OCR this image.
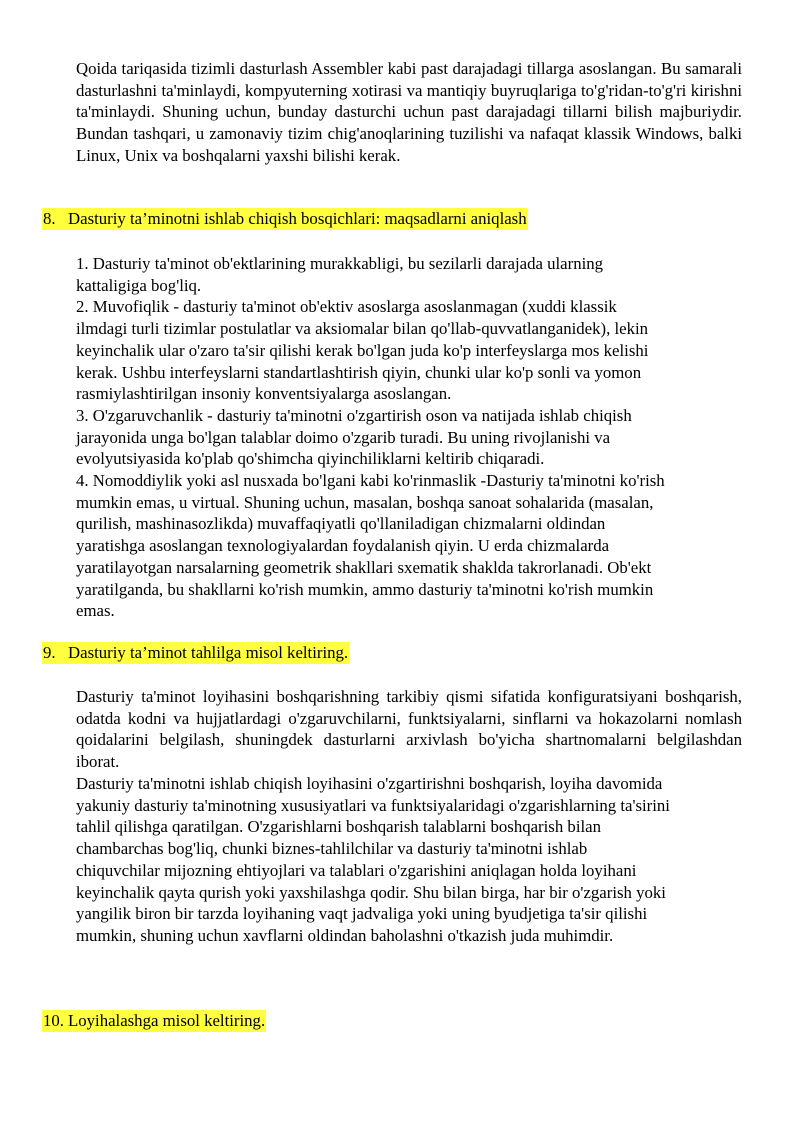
Qoida tariqasida tizimli dasturlash Assembler kabi past darajadagi tillarga asoslangan. Bu samarali dasturlashni ta'minlaydi, kompyuterning xotirasi va mantiqiy buyruqlariga to'g'ridan-to'g'ri kirishni ta'minlaydi. Shuning uchun, bunday dasturchi uchun past darajadagi tillarni bilish majburiydir. Bundan tashqari, u zamonaviy tizim chig'anoqlarining tuzilishi va nafaqat klassik Windows, balki Linux, Unix va boshqalarni yaxshi bilishi kerak.

8. Dasturiy ta’minotni ishlab chiqish bosqichlari: maqsadlarni aniqlash
1. Dasturiy ta'minot ob'ektlarining murakkabligi, bu sezilarli darajada ularning
kattaligiga bog'liq.
2. Muvofiqlik - dasturiy ta'minot ob'ektiv asoslarga asoslanmagan (xuddi klassik
ilmdagi turli tizimlar postulatlar va aksiomalar bilan qo'llab-quvvatlanganidek), lekin
keyinchalik ular o'zaro ta'sir qilishi kerak bo'lgan juda ko'p interfeyslarga mos kelishi
kerak. Ushbu interfeyslarni standartlashtirish qiyin, chunki ular ko'p sonli va yomon
rasmiylashtirilgan insoniy konventsiyalarga asoslangan.
3. O'zgaruvchanlik - dasturiy ta'minotni o'zgartirish oson va natijada ishlab chiqish
jarayonida unga bo'lgan talablar doimo o'zgarib turadi. Bu uning rivojlanishi va
evolyutsiyasida ko'plab qo'shimcha qiyinchiliklarni keltirib chiqaradi.
4. Nomoddiylik yoki asl nusxada bo'lgani kabi ko'rinmaslik -Dasturiy ta'minotni ko'rish
mumkin emas, u virtual. Shuning uchun, masalan, boshqa sanoat sohalarida (masalan,
qurilish, mashinasozlikda) muvaffaqiyatli qo'llaniladigan chizmalarni oldindan
yaratishga asoslangan texnologiyalardan foydalanish qiyin. U erda chizmalarda
yaratilayotgan narsalarning geometrik shakllari sxematik shaklda takrorlanadi. Ob'ekt
yaratilganda, bu shakllarni ko'rish mumkin, ammo dasturiy ta'minotni ko'rish mumkin
emas.
9. Dasturiy ta’minot tahlilga misol keltiring.

Dasturiy ta'minot loyihasini boshqarishning tarkibiy qismi sifatida konfiguratsiyani boshqarish, odatda kodni va hujjatlardagi o'zgaruvchilarni, funktsiyalarni, sinflarni va hokazolarni nomlash qoidalarini belgilash, shuningdek dasturlarni arxivlash bo'yicha shartnomalarni belgilashdan iborat.

Dasturiy ta'minotni ishlab chiqish loyihasini o'zgartirishni boshqarish, loyiha davomida
yakuniy dasturiy ta'minotning xususiyatlari va funktsiyalaridagi o'zgarishlarning ta'sirini
tahlil qilishga qaratilgan. O'zgarishlarni boshqarish talablarni boshqarish bilan
chambarchas bog'liq, chunki biznes-tahlilchilar va dasturiy ta'minotni ishlab
chiquvchilar mijozning ehtiyojlari va talablari o'zgarishini aniqlagan holda loyihani
keyinchalik qayta qurish yoki yaxshilashga qodir. Shu bilan birga, har bir o'zgarish yoki
yangilik biron bir tarzda loyihaning vaqt jadvaliga yoki uning byudjetiga ta'sir qilishi
mumkin, shuning uchun xavflarni oldindan baholashni o'tkazish juda muhimdir.
10. Loyihalashga misol keltiring.
